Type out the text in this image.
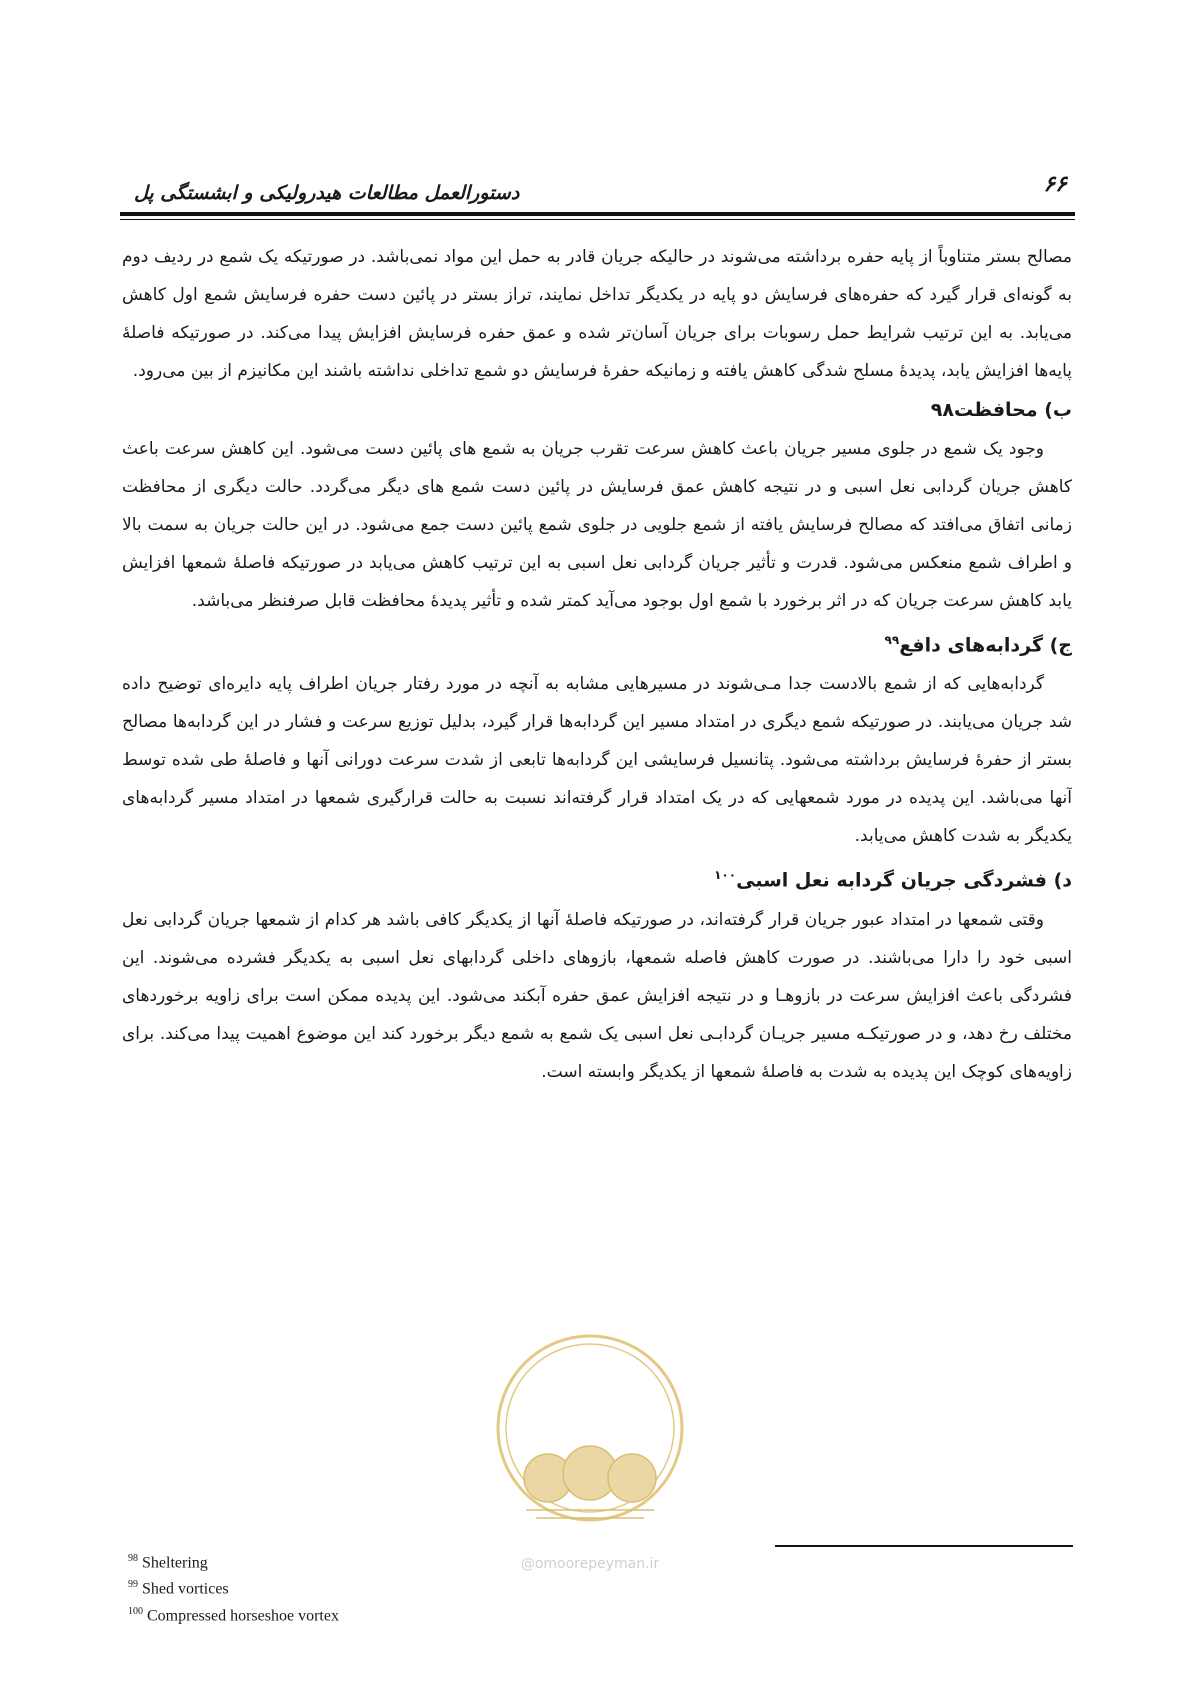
۶۶
دستورالعمل مطالعات هیدرولیکی و ابشستگی پل

مصالح بستر متناوباً از پایه حفره برداشته می‌شوند در حالیکه جریان قادر به حمل این مواد نمی‌باشد. در صورتیکه یک شمع در ردیف دوم به گونه‌ای قرار گیرد که حفره‌های فرسایش دو پایه در یکدیگر تداخل نمایند، تراز بستر در پائین دست حفره فرسایش شمع اول کاهش می‌یابد. به این ترتیب شرایط حمل رسوبات برای جریان آسان‌تر شده و عمق حفره فرسایش افزایش پیدا می‌کند. در صورتیکه فاصلهٔ پایه‌ها افزایش یابد، پدیدهٔ مسلح شدگی کاهش یافته و زمانیکه حفرهٔ فرسایش دو شمع تداخلی نداشته باشند این مکانیزم از بین می‌رود.

ب) محافظت۹۸

وجود یک شمع در جلوی مسیر جریان باعث کاهش سرعت تقرب جریان به شمع های پائین دست می‌شود. این کاهش سرعت باعث کاهش جریان گردابی نعل اسبی و در نتیجه کاهش عمق فرسایش در پائین دست شمع های دیگر می‌گردد. حالت دیگری از محافظت زمانی اتفاق می‌افتد که مصالح فرسایش یافته از شمع جلویی در جلوی شمع پائین دست جمع می‌شود. در این حالت جریان به سمت بالا و اطراف شمع منعکس می‌شود. قدرت و تأثیر جریان گردابی نعل اسبی به این ترتیب کاهش می‌یابد در صورتیکه فاصلهٔ شمعها افزایش یابد کاهش سرعت جریان که در اثر برخورد با شمع اول بوجود می‌آید کمتر شده و تأثیر پدیدهٔ محافظت قابل صرفنظر می‌باشد.

ج) گردابه‌های دافع$^{۹۹}$

گردابه‌هایی که از شمع بالادست جدا مـی‌شوند در مسیرهایی مشابه به آنچه در مورد رفتار جریان اطراف پایه دایره‌ای توضیح داده شد جریان می‌یابند. در صورتیکه شمع دیگری در امتداد مسیر این گردابه‌ها قرار گیرد، بدلیل توزیع سرعت و فشار در این گردابه‌ها مصالح بستر از حفرهٔ فرسایش برداشته می‌شود. پتانسیل فرسایشی این گردابه‌ها تابعی از شدت سرعت دورانی آنها و فاصلهٔ طی شده توسط آنها می‌باشد. این پدیده در مورد شمعهایی که در یک امتداد قرار گرفته‌اند نسبت به حالت قرارگیری شمعها در امتداد مسیر گردابه‌های یکدیگر به شدت کاهش می‌یابد.

د) فشردگی جریان گردابه نعل اسبی$^{۱۰۰}$

وقتی شمعها در امتداد عبور جریان قرار گرفته‌اند، در صورتیکه فاصلهٔ آنها از یکدیگر کافی باشد هر کدام از شمعها جریان گردابی نعل اسبی خود را دارا می‌باشند. در صورت کاهش فاصله شمعها، بازوهای داخلی گردابهای نعل اسبی به یکدیگر فشرده می‌شوند. این فشردگی باعث افزایش سرعت در بازوهـا و در نتیجه افزایش عمق حفره آبکند می‌شود. این پدیده ممکن است برای زاویه برخوردهای مختلف رخ دهد، و در صورتیکـه مسیر جریـان گردابـی نعل اسبی یک شمع به شمع دیگر برخورد کند این موضوع اهمیت پیدا می‌کند. برای زاویه‌های کوچک این پدیده به شدت به فاصلهٔ شمعها از یکدیگر وابسته است.

@omoorepeyman.ir
$^{98}$ Sheltering
$^{99}$ Shed vortices
$^{100}$ Compressed horseshoe vortex
